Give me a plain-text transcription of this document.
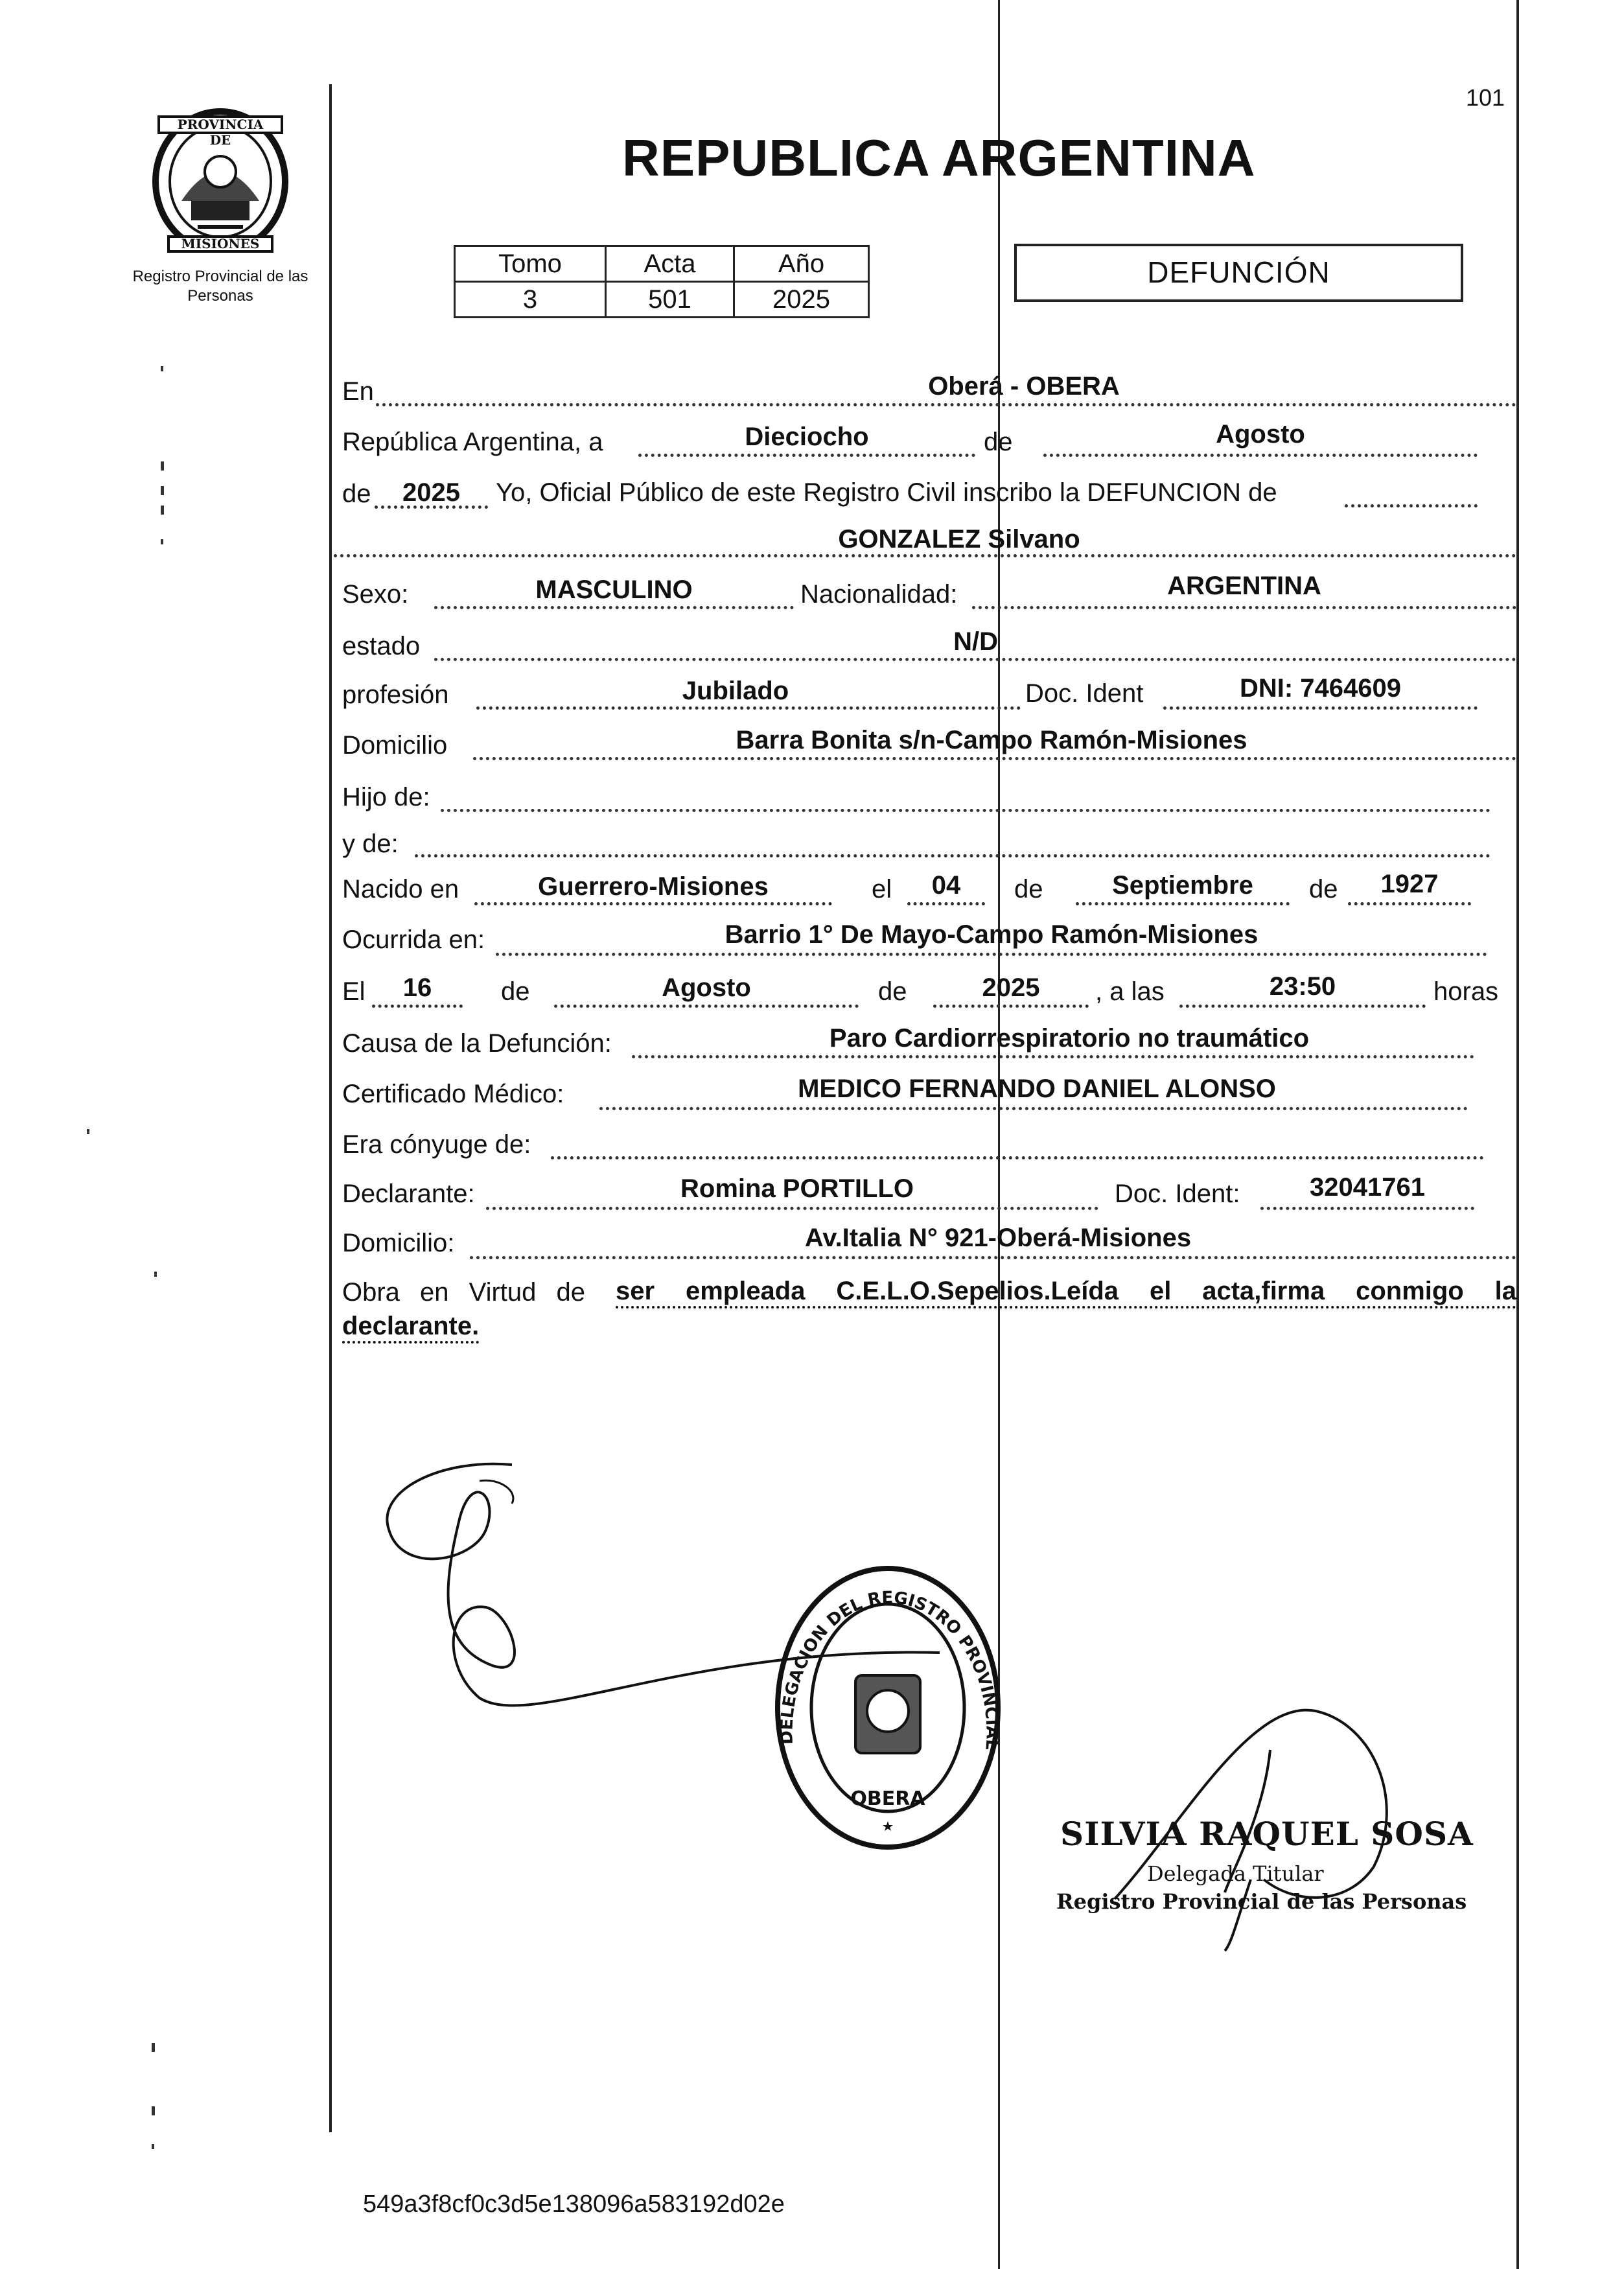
101
PROVINCIA DE
MISIONES
Registro Provincial de las Personas
REPUBLICA ARGENTINA
Tomo	Acta	Año
3	501	2025
DEFUNCIÓN
En	Oberá - OBERA
República Argentina, a	Dieciocho	de	Agosto
de	2025	Yo, Oficial Público de este Registro Civil inscribo la DEFUNCION de
GONZALEZ Silvano
Sexo:	MASCULINO	Nacionalidad:	ARGENTINA
estado	N/D
profesión	Jubilado	Doc. Ident	DNI: 7464609
Domicilio	Barra Bonita s/n-Campo Ramón-Misiones
Hijo de:
y de:
Nacido en	Guerrero-Misiones	el	04	de	Septiembre	de	1927
Ocurrida en:	Barrio 1° De Mayo-Campo Ramón-Misiones
El	16	de	Agosto	de	2025	, a las	23:50	horas
Causa de la Defunción:	Paro Cardiorrespiratorio no traumático
Certificado Médico:	MEDICO FERNANDO DANIEL ALONSO
Era cónyuge de:
Declarante:	Romina PORTILLO	Doc. Ident:	32041761
Domicilio:	Av.Italia N° 921-Oberá-Misiones
Obra en Virtud de ser empleada C.E.L.O.Sepelios.Leída el acta,firma conmigo la
declarante.
DELEGACION DEL REGISTRO PROVINCIAL
OBERA
SILVIA RAQUEL SOSA
Delegada Titular
Registro Provincial de las Personas
549a3f8cf0c3d5e138096a583192d02e
